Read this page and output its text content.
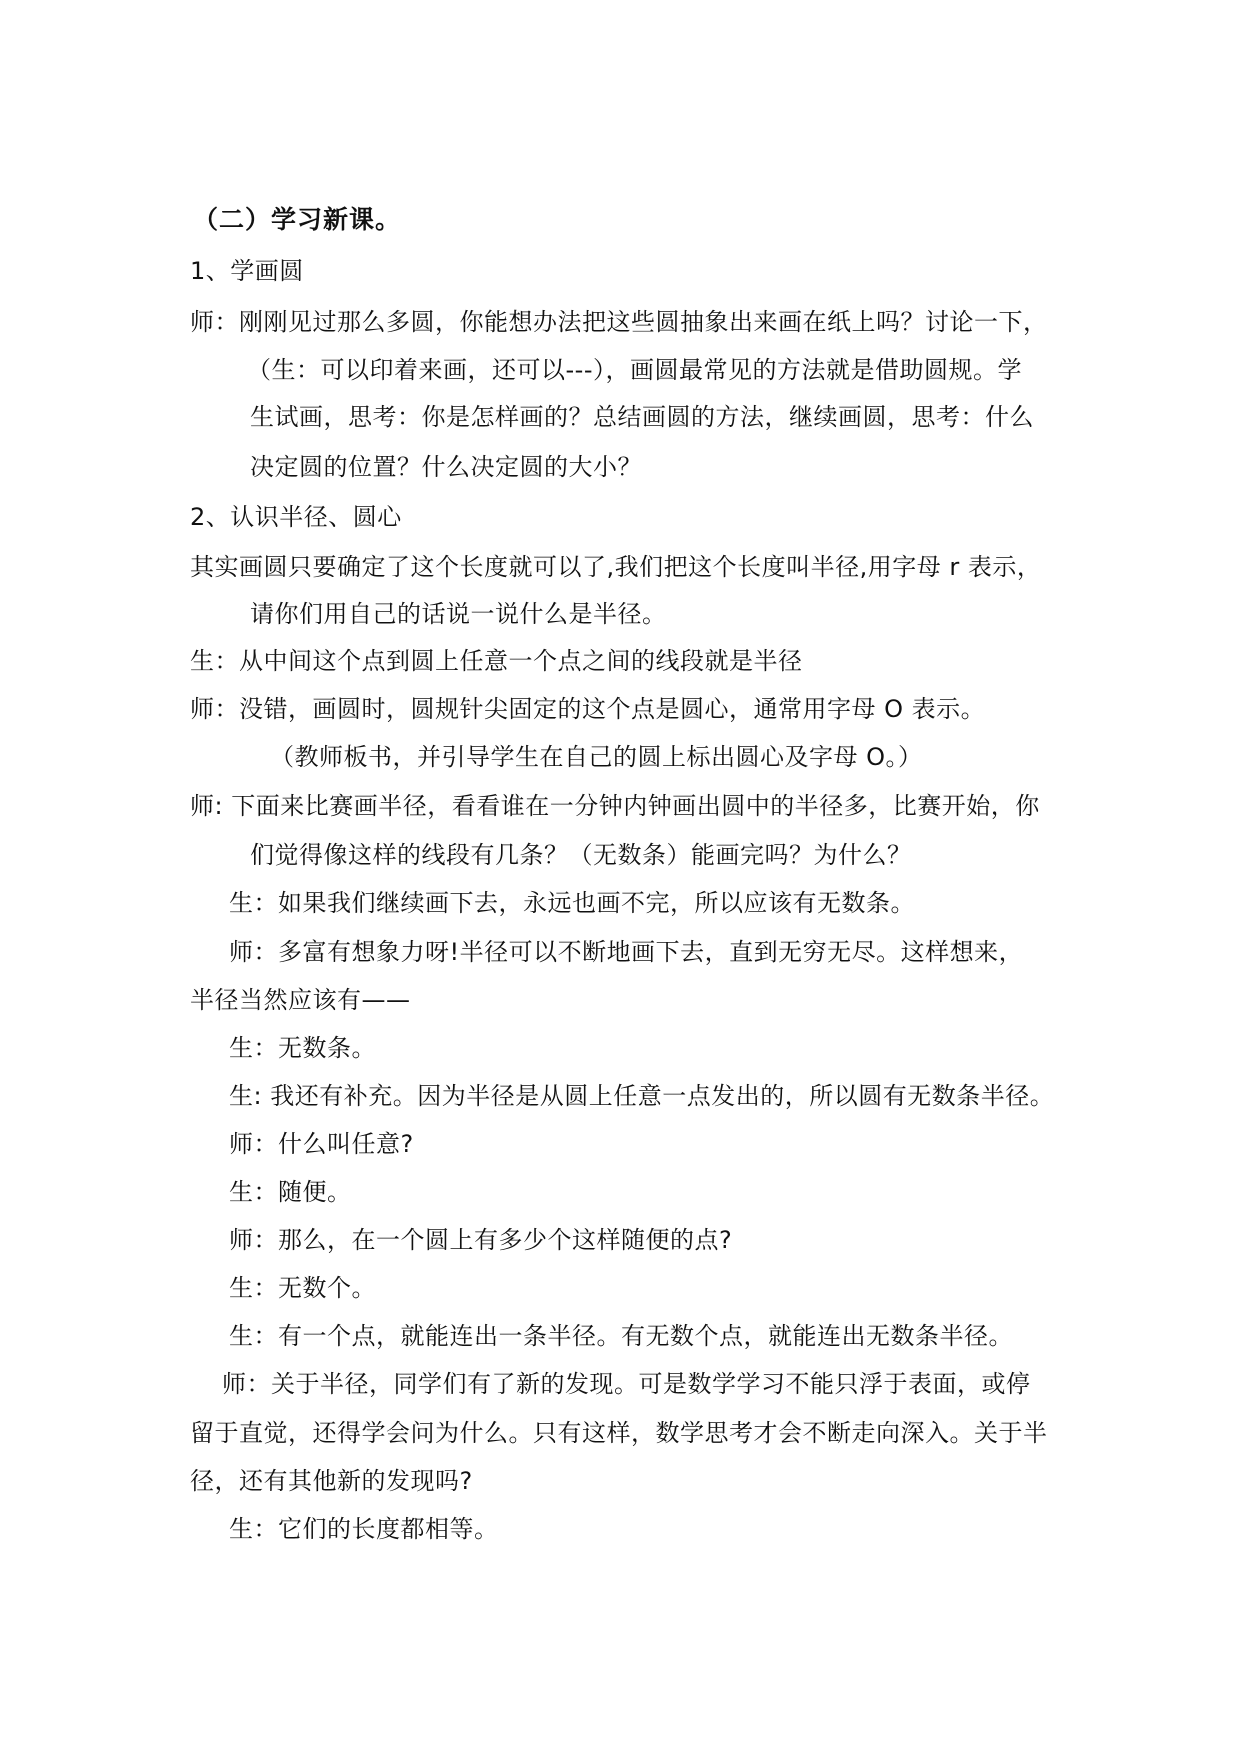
（二）学习新课。
1、学画圆
师：刚刚见过那么多圆，你能想办法把这些圆抽象出来画在纸上吗？讨论一下，
（生：可以印着来画，还可以---），画圆最常见的方法就是借助圆规。学
生试画，思考：你是怎样画的？总结画圆的方法，继续画圆，思考：什么
决定圆的位置？什么决定圆的大小？
2、认识半径、圆心
其实画圆只要确定了这个长度就可以了,我们把这个长度叫半径,用字母 r 表示，
请你们用自己的话说一说什么是半径。
生：从中间这个点到圆上任意一个点之间的线段就是半径
师：没错，画圆时，圆规针尖固定的这个点是圆心，通常用字母 O 表示。
（教师板书，并引导学生在自己的圆上标出圆心及字母 O。）
师: 下面来比赛画半径，看看谁在一分钟内钟画出圆中的半径多，比赛开始，你
们觉得像这样的线段有几条？（无数条）能画完吗？为什么？
生：如果我们继续画下去，永远也画不完，所以应该有无数条。
师：多富有想象力呀!半径可以不断地画下去，直到无穷无尽。这样想来，
半径当然应该有——
生：无数条。
生: 我还有补充。因为半径是从圆上任意一点发出的，所以圆有无数条半径。
师：什么叫任意?
生：随便。
师：那么，在一个圆上有多少个这样随便的点?
生：无数个。
生：有一个点，就能连出一条半径。有无数个点，就能连出无数条半径。
师：关于半径，同学们有了新的发现。可是数学学习不能只浮于表面，或停
留于直觉，还得学会问为什么。只有这样，数学思考才会不断走向深入。关于半
径，还有其他新的发现吗?
生：它们的长度都相等。
